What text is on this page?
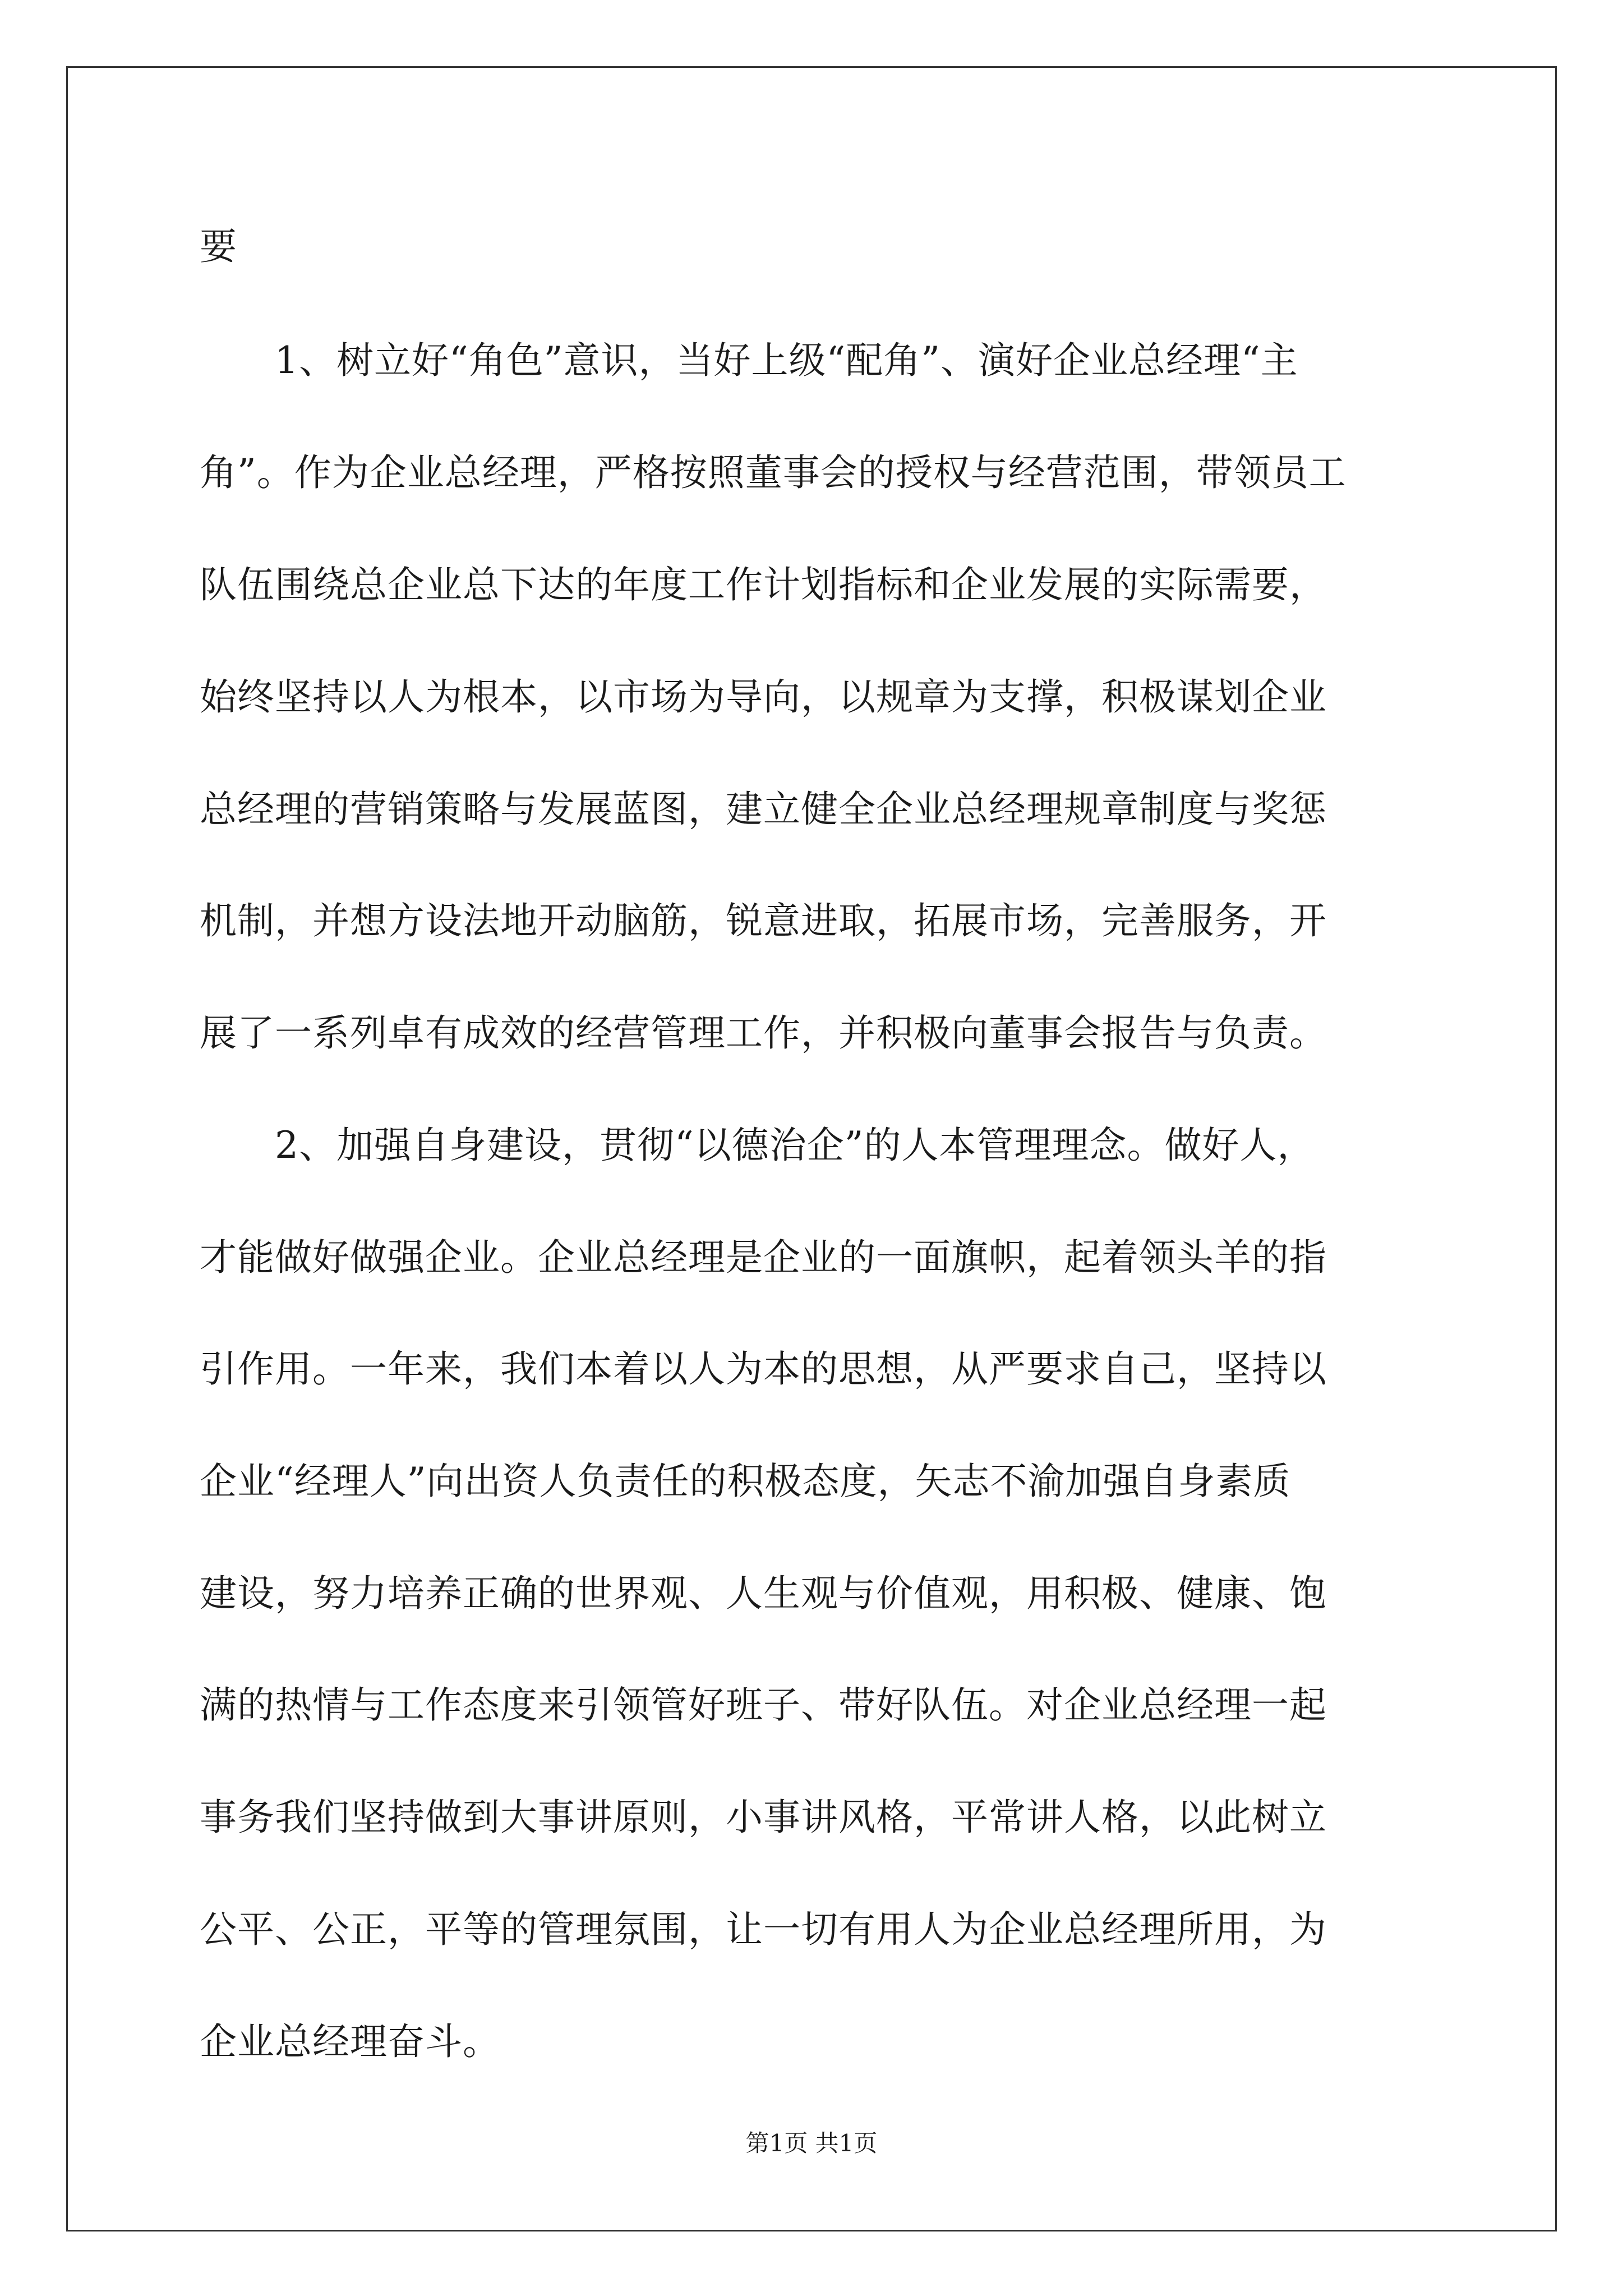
要
1、树立好“角色”意识，当好上级“配角”、演好企业总经理“主
角”。作为企业总经理，严格按照董事会的授权与经营范围，带领员工
队伍围绕总企业总下达的年度工作计划指标和企业发展的实际需要，
始终坚持以人为根本，以市场为导向，以规章为支撑，积极谋划企业
总经理的营销策略与发展蓝图，建立健全企业总经理规章制度与奖惩
机制，并想方设法地开动脑筋，锐意进取，拓展市场，完善服务，开
展了一系列卓有成效的经营管理工作，并积极向董事会报告与负责。
2、加强自身建设，贯彻“以德治企”的人本管理理念。做好人，
才能做好做强企业。企业总经理是企业的一面旗帜，起着领头羊的指
引作用。一年来，我们本着以人为本的思想，从严要求自己，坚持以
企业“经理人”向出资人负责任的积极态度，矢志不渝加强自身素质
建设，努力培养正确的世界观、人生观与价值观，用积极、健康、饱
满的热情与工作态度来引领管好班子、带好队伍。对企业总经理一起
事务我们坚持做到大事讲原则，小事讲风格，平常讲人格，以此树立
公平、公正，平等的管理氛围，让一切有用人为企业总经理所用，为
企业总经理奋斗。
第1页 共1页
